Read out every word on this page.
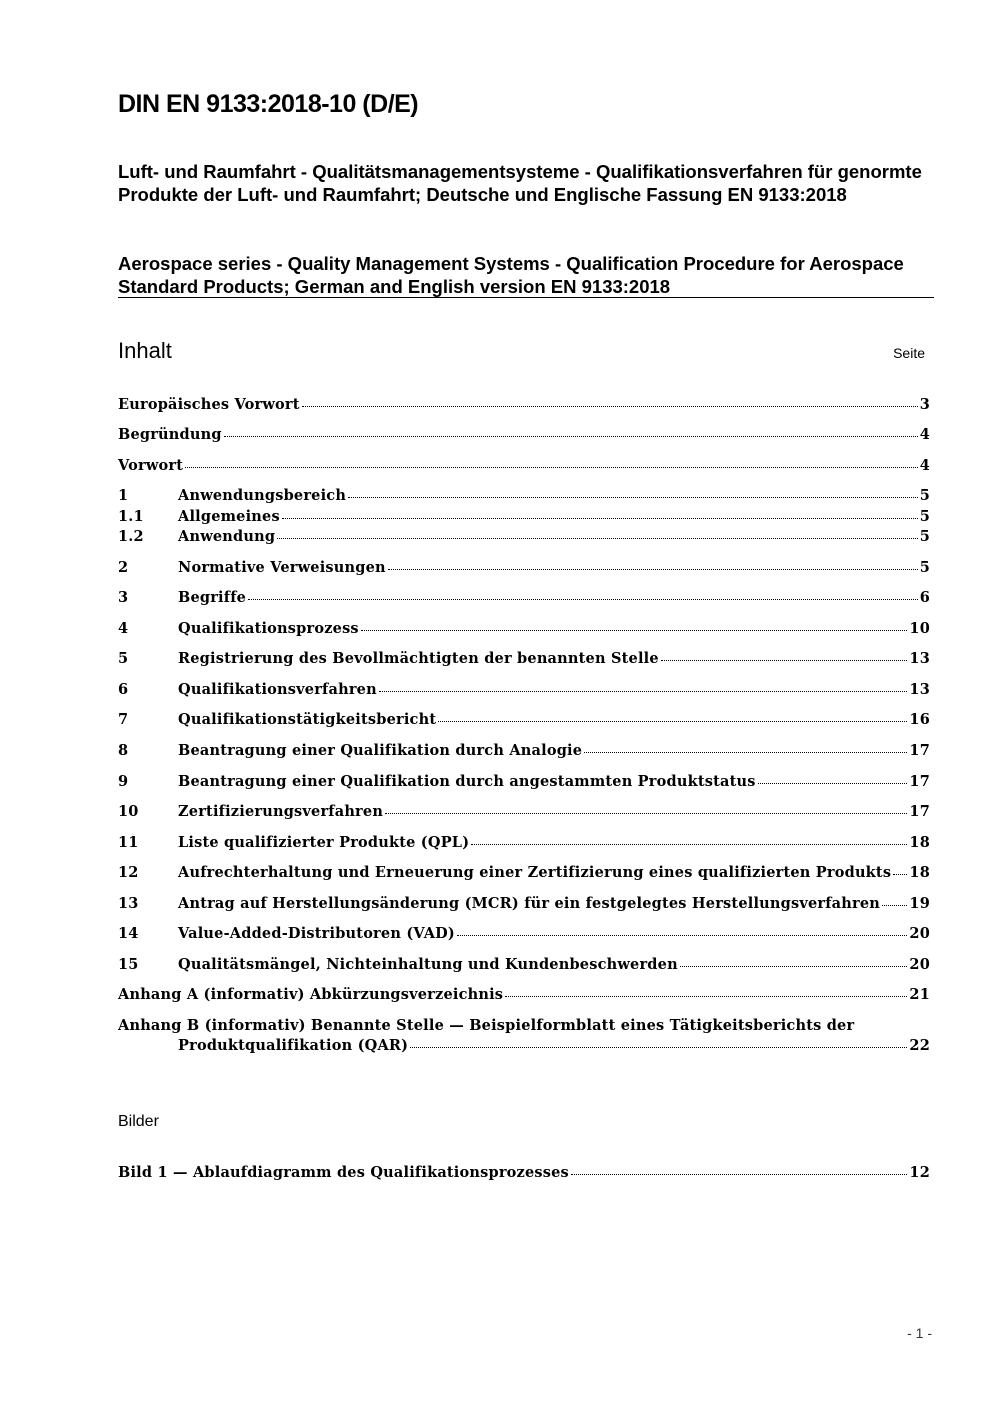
DIN EN 9133:2018-10 (D/E)
Luft- und Raumfahrt - Qualitätsmanagementsysteme - Qualifikationsverfahren für genormte Produkte der Luft- und Raumfahrt; Deutsche und Englische Fassung EN 9133:2018
Aerospace series - Quality Management Systems - Qualification Procedure for Aerospace Standard Products; German and English version EN 9133:2018
Inhalt	Seite
Europäisches Vorwort	3
Begründung	4
Vorwort	4
1	Anwendungsbereich	5
1.1 Allgemeines	5
1.2 Anwendung	5
2	Normative Verweisungen	5
3	Begriffe	6
4	Qualifikationsprozess	10
5	Registrierung des Bevollmächtigten der benannten Stelle	13
6	Qualifikationsverfahren	13
7	Qualifikationstätigkeitsbericht	16
8	Beantragung einer Qualifikation durch Analogie	17
9	Beantragung einer Qualifikation durch angestammten Produktstatus	17
10	Zertifizierungsverfahren	17
11	Liste qualifizierter Produkte (QPL)	18
12	Aufrechterhaltung und Erneuerung einer Zertifizierung eines qualifizierten Produkts 18
13	Antrag auf Herstellungsänderung (MCR) für ein festgelegtes Herstellungsverfahren 19
14	Value-Added-Distributoren (VAD)	20
15	Qualitätsmängel, Nichteinhaltung und Kundenbeschwerden	20
Anhang A (informativ) Abkürzungsverzeichnis	21
Anhang B (informativ) Benannte Stelle — Beispielformblatt eines Tätigkeitsberichts der
Produktqualifikation (QAR)	22
Bilder
Bild 1 — Ablaufdiagramm des Qualifikationsprozesses	12
- 1 -
